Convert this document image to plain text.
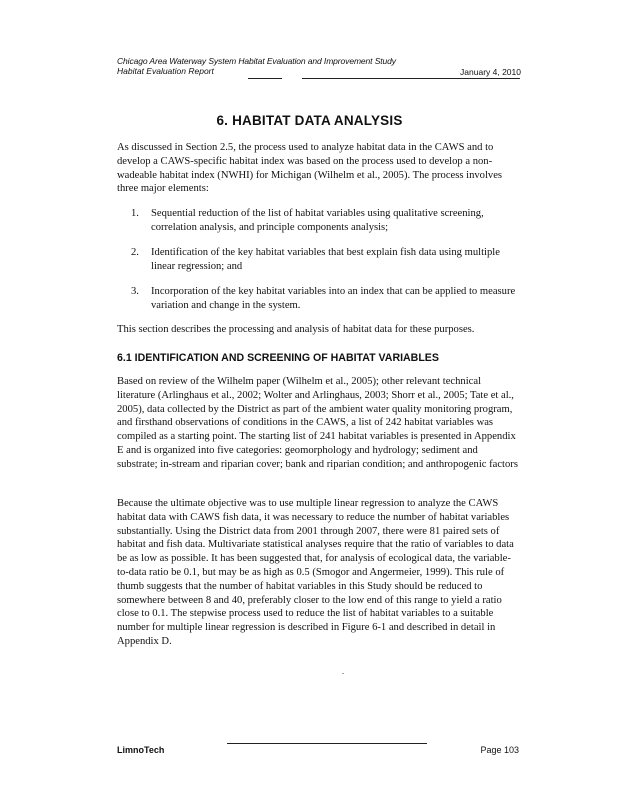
Chicago Area Waterway System Habitat Evaluation and Improvement Study
Habitat Evaluation Report	January 4, 2010
6. HABITAT DATA ANALYSIS

As discussed in Section 2.5, the process used to analyze habitat data in the CAWS and to develop a CAWS-specific habitat index was based on the process used to develop a non-wadeable habitat index (NWHI) for Michigan (Wilhelm et al., 2005). The process involves three major elements:

1.	Sequential reduction of the list of habitat variables using qualitative screening, correlation analysis, and principle components analysis;
2.	Identification of the key habitat variables that best explain fish data using multiple linear regression; and
3.	Incorporation of the key habitat variables into an index that can be applied to measure variation and change in the system.

This section describes the processing and analysis of habitat data for these purposes.

6.1 IDENTIFICATION AND SCREENING OF HABITAT VARIABLES

Based on review of the Wilhelm paper (Wilhelm et al., 2005); other relevant technical literature (Arlinghaus et al., 2002; Wolter and Arlinghaus, 2003; Shorr et al., 2005; Tate et al., 2005), data collected by the District as part of the ambient water quality monitoring program, and firsthand observations of conditions in the CAWS, a list of 242 habitat variables was compiled as a starting point. The starting list of 241 habitat variables is presented in Appendix E and is organized into five categories: geomorphology and hydrology; sediment and substrate; in-stream and riparian cover; bank and riparian condition; and anthropogenic factors

Because the ultimate objective was to use multiple linear regression to analyze the CAWS habitat data with CAWS fish data, it was necessary to reduce the number of habitat variables substantially. Using the District data from 2001 through 2007, there were 81 paired sets of habitat and fish data. Multivariate statistical analyses require that the ratio of variables to data be as low as possible. It has been suggested that, for analysis of ecological data, the variable-to-data ratio be 0.1, but may be as high as 0.5 (Smogor and Angermeier, 1999). This rule of thumb suggests that the number of habitat variables in this Study should be reduced to somewhere between 8 and 40, preferably closer to the low end of this range to yield a ratio close to 0.1. The stepwise process used to reduce the list of habitat variables to a suitable number for multiple linear regression is described in Figure 6-1 and described in detail in Appendix D.

.
LimnoTech	Page 103
